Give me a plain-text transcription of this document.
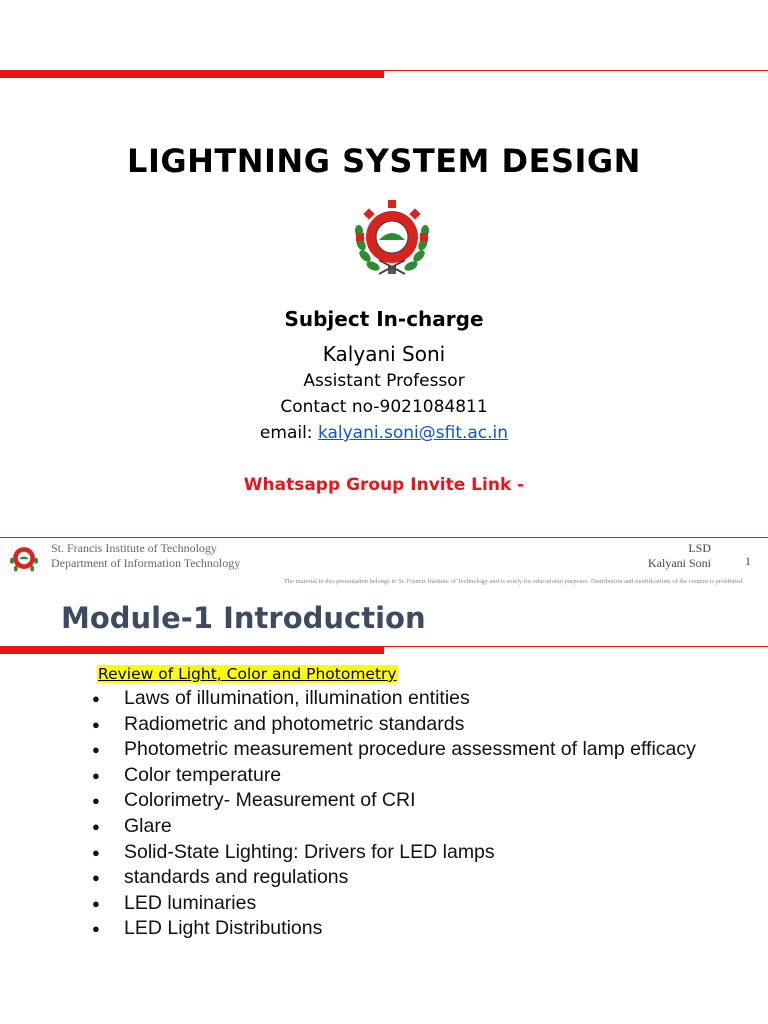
LIGHTNING SYSTEM DESIGN
Subject In-charge
Kalyani Soni
Assistant Professor
Contact no-9021084811
email: kalyani.soni@sfit.ac.in
Whatsapp Group Invite Link -
St. Francis Institute of Technology
Department of Information Technology
LSD
Kalyani Soni	1
The material in this presentation belongs to St. Francis Institute of Technology and is solely for educational purposes. Distribution and modifications of the content is prohibited.
Module-1 Introduction
Review of Light, Color and Photometry
● Laws of illumination, illumination entities
● Radiometric and photometric standards
● Photometric measurement procedure assessment of lamp efficacy
● Color temperature
● Colorimetry- Measurement of CRI
● Glare
● Solid-State Lighting: Drivers for LED lamps
● standards and regulations
● LED luminaries
● LED Light Distributions
